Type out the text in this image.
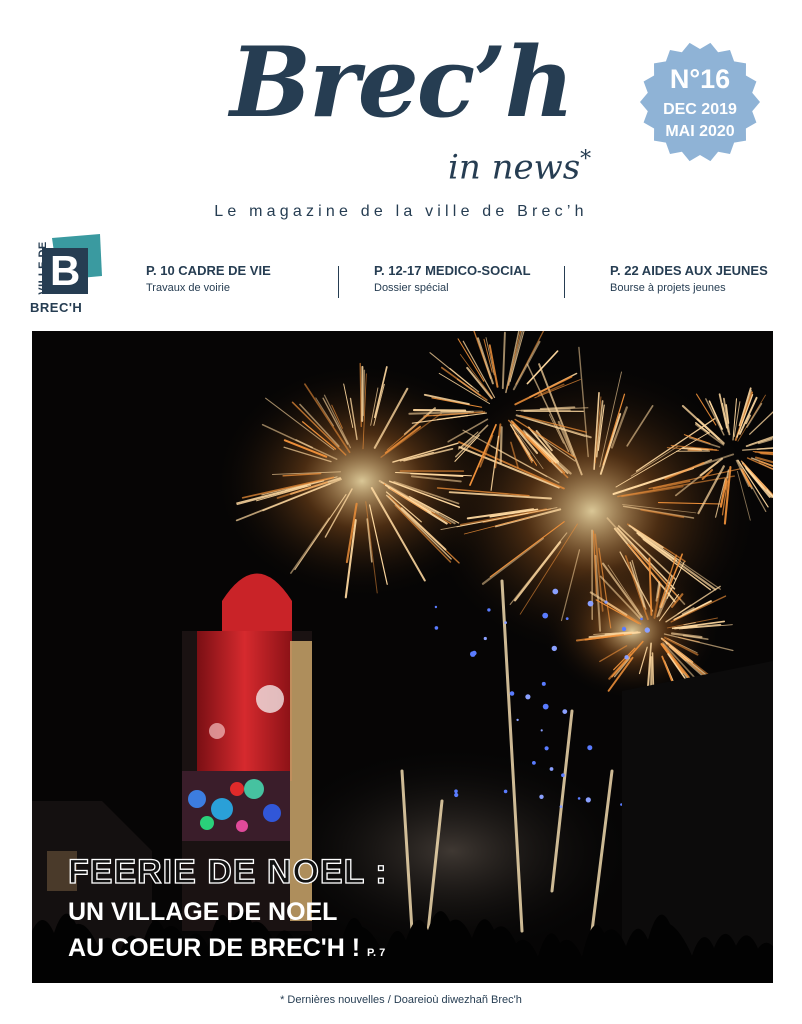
Brec’h
in news*
N°16
DEC 2019
MAI 2020
Le magazine de la ville de Brec’h
B
VILLE DE
BREC'H
P. 10 CADRE DE VIE
Travaux de voirie
P. 12-17 MEDICO-SOCIAL
Dossier spécial
P. 22 AIDES AUX JEUNES
Bourse à projets jeunes
FEERIE DE NOEL :
UN VILLAGE DE NOEL
AU COEUR DE BREC'H ! P. 7
* Dernières nouvelles / Doareioù diwezhañ Brec'h
